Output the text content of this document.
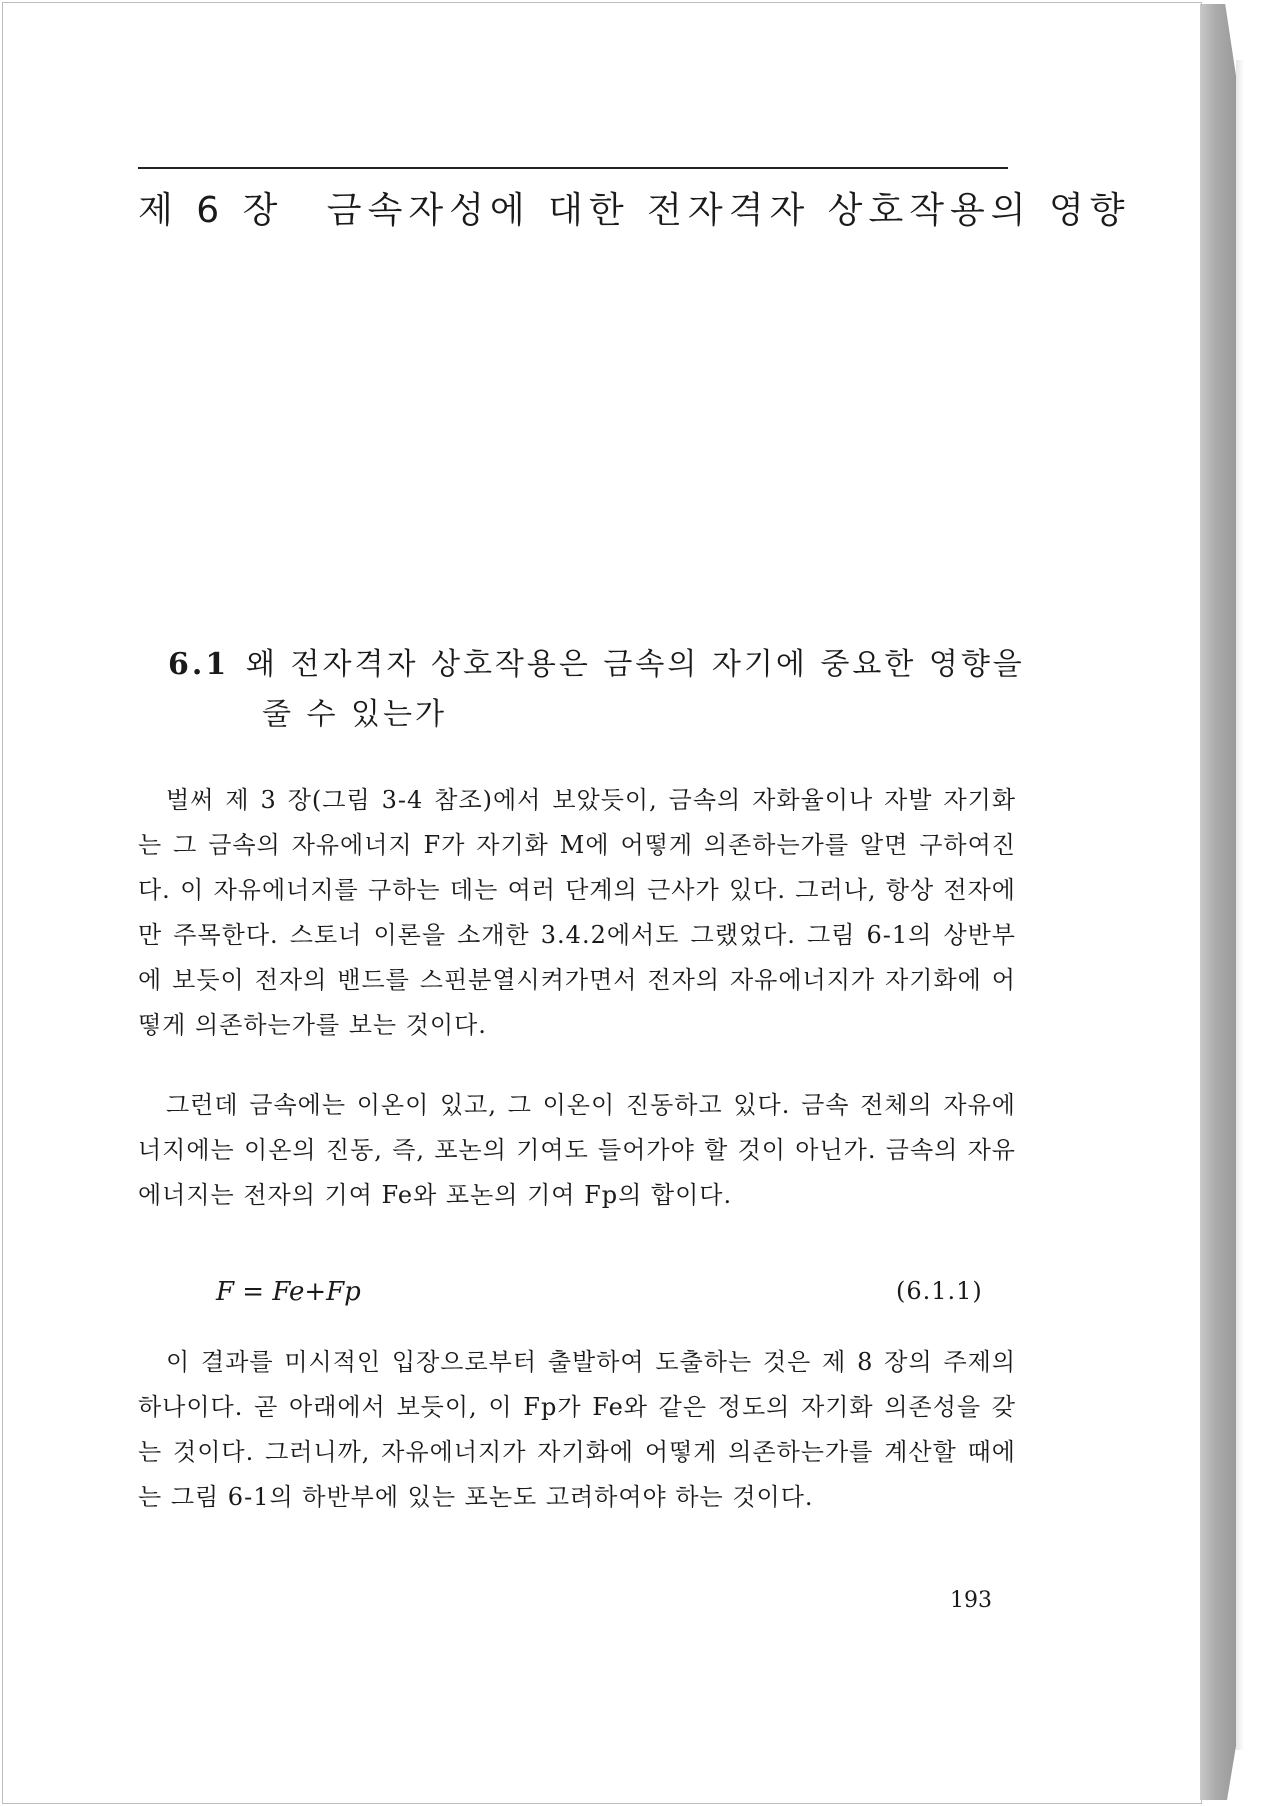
제 6 장 금속자성에 대한 전자격자 상호작용의 영향
6.1 왜 전자격자 상호작용은 금속의 자기에 중요한 영향을
줄 수 있는가

벌써 제 3 장(그림 3-4 참조)에서 보았듯이, 금속의 자화율이나 자발 자기화는 그 금속의 자유에너지 F가 자기화 M에 어떻게 의존하는가를 알면 구하여진다. 이 자유에너지를 구하는 데는 여러 단계의 근사가 있다. 그러나, 항상 전자에만 주목한다. 스토너 이론을 소개한 3.4.2에서도 그랬었다. 그림 6-1의 상반부에 보듯이 전자의 밴드를 스핀분열시켜가면서 전자의 자유에너지가 자기화에 어떻게 의존하는가를 보는 것이다.

그런데 금속에는 이온이 있고, 그 이온이 진동하고 있다. 금속 전체의 자유에너지에는 이온의 진동, 즉, 포논의 기여도 들어가야 할 것이 아닌가. 금속의 자유에너지는 전자의 기여 Fe와 포논의 기여 Fp의 합이다.

F = Fe+Fp	(6.1.1)

이 결과를 미시적인 입장으로부터 출발하여 도출하는 것은 제 8 장의 주제의 하나이다. 곧 아래에서 보듯이, 이 Fp가 Fe와 같은 정도의 자기화 의존성을 갖는 것이다. 그러니까, 자유에너지가 자기화에 어떻게 의존하는가를 계산할 때에는 그림 6-1의 하반부에 있는 포논도 고려하여야 하는 것이다.

193
